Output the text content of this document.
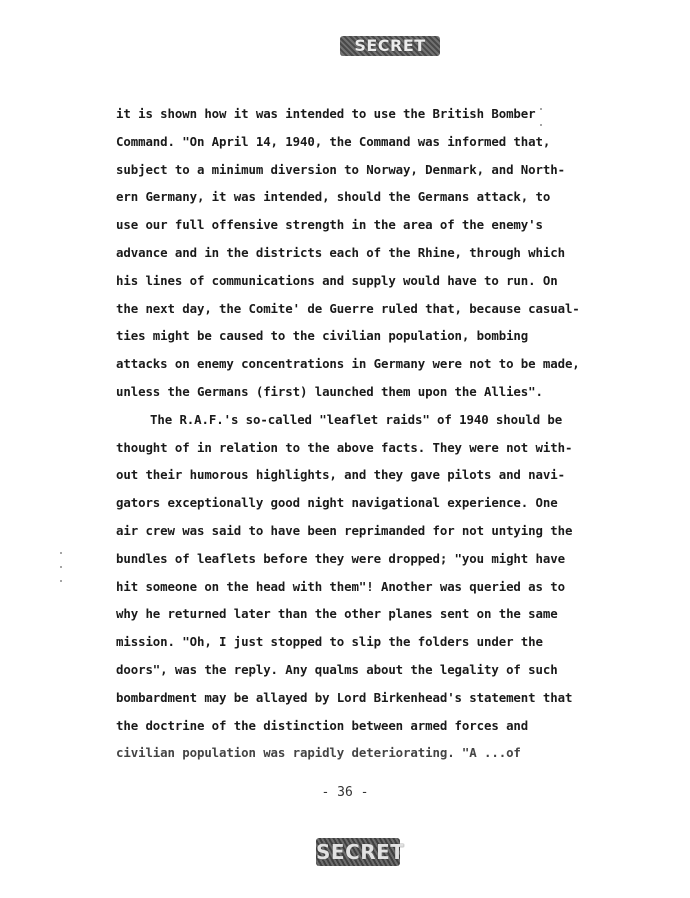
SECRET
it is shown how it was intended to use the British Bomber
Command. "On April 14, 1940, the Command was informed that,
subject to a minimum diversion to Norway, Denmark, and North-
ern Germany, it was intended, should the Germans attack, to
use our full offensive strength in the area of the enemy's
advance and in the districts each of the Rhine, through which
his lines of communications and supply would have to run. On
the next day, the Comite' de Guerre ruled that, because casual-
ties might be caused to the civilian population, bombing
attacks on enemy concentrations in Germany were not to be made,
unless the Germans (first) launched them upon the Allies".
The R.A.F.'s so-called "leaflet raids" of 1940 should be
thought of in relation to the above facts. They were not with-
out their humorous highlights, and they gave pilots and navi-
gators exceptionally good night navigational experience. One
air crew was said to have been reprimanded for not untying the
bundles of leaflets before they were dropped; "you might have
hit someone on the head with them"! Another was queried as to
why he returned later than the other planes sent on the same
mission. "Oh, I just stopped to slip the folders under the
doors", was the reply. Any qualms about the legality of such
bombardment may be allayed by Lord Birkenhead's statement that
the doctrine of the distinction between armed forces and
civilian population was rapidly deteriorating. "A ...of
- 36 -
SECRET
